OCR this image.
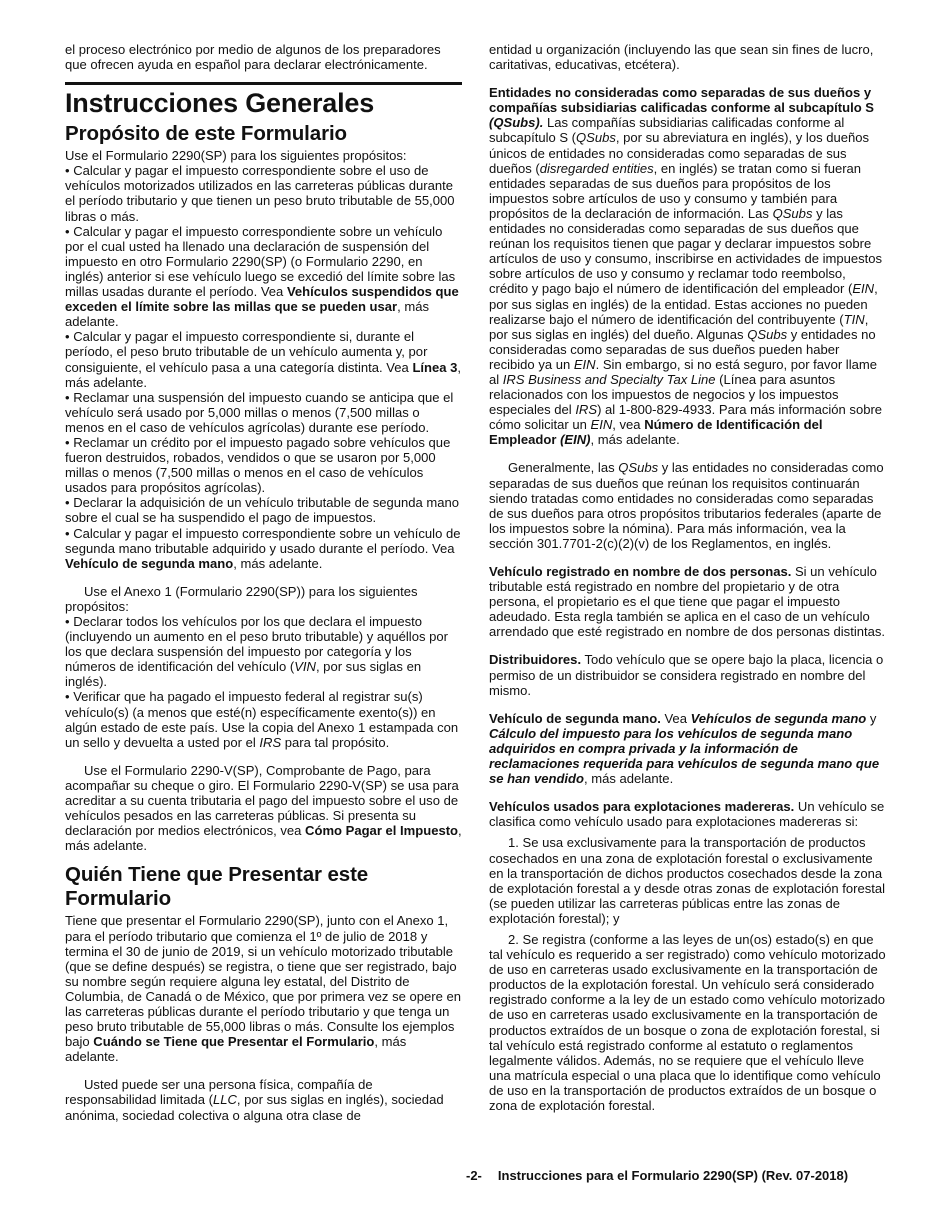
el proceso electrónico por medio de algunos de los preparadores que ofrecen ayuda en español para declarar electrónicamente.

Instrucciones Generales
Propósito de este Formulario

Use el Formulario 2290(SP) para los siguientes propósitos:

• Calcular y pagar el impuesto correspondiente sobre el uso de vehículos motorizados utilizados en las carreteras públicas durante el período tributario y que tienen un peso bruto tributable de 55,000 libras o más.

• Calcular y pagar el impuesto correspondiente sobre un vehículo por el cual usted ha llenado una declaración de suspensión del impuesto en otro Formulario 2290(SP) (o Formulario 2290, en inglés) anterior si ese vehículo luego se excedió del límite sobre las millas usadas durante el período. Vea Vehículos suspendidos que exceden el límite sobre las millas que se pueden usar, más adelante.

• Calcular y pagar el impuesto correspondiente si, durante el período, el peso bruto tributable de un vehículo aumenta y, por consiguiente, el vehículo pasa a una categoría distinta. Vea Línea 3, más adelante.

• Reclamar una suspensión del impuesto cuando se anticipa que el vehículo será usado por 5,000 millas o menos (7,500 millas o menos en el caso de vehículos agrícolas) durante ese período.

• Reclamar un crédito por el impuesto pagado sobre vehículos que fueron destruidos, robados, vendidos o que se usaron por 5,000 millas o menos (7,500 millas o menos en el caso de vehículos usados para propósitos agrícolas).

• Declarar la adquisición de un vehículo tributable de segunda mano sobre el cual se ha suspendido el pago de impuestos.

• Calcular y pagar el impuesto correspondiente sobre un vehículo de segunda mano tributable adquirido y usado durante el período. Vea Vehículo de segunda mano, más adelante.

Use el Anexo 1 (Formulario 2290(SP)) para los siguientes propósitos:

• Declarar todos los vehículos por los que declara el impuesto (incluyendo un aumento en el peso bruto tributable) y aquéllos por los que declara suspensión del impuesto por categoría y los números de identificación del vehículo (VIN, por sus siglas en inglés).

• Verificar que ha pagado el impuesto federal al registrar su(s) vehículo(s) (a menos que esté(n) específicamente exento(s)) en algún estado de este país. Use la copia del Anexo 1 estampada con un sello y devuelta a usted por el IRS para tal propósito.

Use el Formulario 2290-V(SP), Comprobante de Pago, para acompañar su cheque o giro. El Formulario 2290-V(SP) se usa para acreditar a su cuenta tributaria el pago del impuesto sobre el uso de vehículos pesados en las carreteras públicas. Si presenta su declaración por medios electrónicos, vea Cómo Pagar el Impuesto, más adelante.

Quién Tiene que Presentar este Formulario

Tiene que presentar el Formulario 2290(SP), junto con el Anexo 1, para el período tributario que comienza el 1º de julio de 2018 y termina el 30 de junio de 2019, si un vehículo motorizado tributable (que se define después) se registra, o tiene que ser registrado, bajo su nombre según requiere alguna ley estatal, del Distrito de Columbia, de Canadá o de México, que por primera vez se opere en las carreteras públicas durante el período tributario y que tenga un peso bruto tributable de 55,000 libras o más. Consulte los ejemplos bajo Cuándo se Tiene que Presentar el Formulario, más adelante.

Usted puede ser una persona física, compañía de responsabilidad limitada (LLC, por sus siglas en inglés), sociedad anónima, sociedad colectiva o alguna otra clase de

entidad u organización (incluyendo las que sean sin fines de lucro, caritativas, educativas, etcétera).

Entidades no consideradas como separadas de sus dueños y compañías subsidiarias calificadas conforme al subcapítulo S (QSubs). Las compañías subsidiarias calificadas conforme al subcapítulo S (QSubs, por su abreviatura en inglés), y los dueños únicos de entidades no consideradas como separadas de sus dueños (disregarded entities, en inglés) se tratan como si fueran entidades separadas de sus dueños para propósitos de los impuestos sobre artículos de uso y consumo y también para propósitos de la declaración de información. Las QSubs y las entidades no consideradas como separadas de sus dueños que reúnan los requisitos tienen que pagar y declarar impuestos sobre artículos de uso y consumo, inscribirse en actividades de impuestos sobre artículos de uso y consumo y reclamar todo reembolso, crédito y pago bajo el número de identificación del empleador (EIN, por sus siglas en inglés) de la entidad. Estas acciones no pueden realizarse bajo el número de identificación del contribuyente (TIN, por sus siglas en inglés) del dueño. Algunas QSubs y entidades no consideradas como separadas de sus dueños pueden haber recibido ya un EIN. Sin embargo, si no está seguro, por favor llame al IRS Business and Specialty Tax Line (Línea para asuntos relacionados con los impuestos de negocios y los impuestos especiales del IRS) al 1-800-829-4933. Para más información sobre cómo solicitar un EIN, vea Número de Identificación del Empleador (EIN), más adelante.

Generalmente, las QSubs y las entidades no consideradas como separadas de sus dueños que reúnan los requisitos continuarán siendo tratadas como entidades no consideradas como separadas de sus dueños para otros propósitos tributarios federales (aparte de los impuestos sobre la nómina). Para más información, vea la sección 301.7701-2(c)(2)(v) de los Reglamentos, en inglés.

Vehículo registrado en nombre de dos personas. Si un vehículo tributable está registrado en nombre del propietario y de otra persona, el propietario es el que tiene que pagar el impuesto adeudado. Esta regla también se aplica en el caso de un vehículo arrendado que esté registrado en nombre de dos personas distintas.

Distribuidores. Todo vehículo que se opere bajo la placa, licencia o permiso de un distribuidor se considera registrado en nombre del mismo.

Vehículo de segunda mano. Vea Vehículos de segunda mano y Cálculo del impuesto para los vehículos de segunda mano adquiridos en compra privada y la información de reclamaciones requerida para vehículos de segunda mano que se han vendido, más adelante.

Vehículos usados para explotaciones madereras. Un vehículo se clasifica como vehículo usado para explotaciones madereras si:

1. Se usa exclusivamente para la transportación de productos cosechados en una zona de explotación forestal o exclusivamente en la transportación de dichos productos cosechados desde la zona de explotación forestal a y desde otras zonas de explotación forestal (se pueden utilizar las carreteras públicas entre las zonas de explotación forestal); y

2. Se registra (conforme a las leyes de un(os) estado(s) en que tal vehículo es requerido a ser registrado) como vehículo motorizado de uso en carreteras usado exclusivamente en la transportación de productos de la explotación forestal. Un vehículo será considerado registrado conforme a la ley de un estado como vehículo motorizado de uso en carreteras usado exclusivamente en la transportación de productos extraídos de un bosque o zona de explotación forestal, si tal vehículo está registrado conforme al estatuto o reglamentos legalmente válidos. Además, no se requiere que el vehículo lleve una matrícula especial o una placa que lo identifique como vehículo de uso en la transportación de productos extraídos de un bosque o zona de explotación forestal.

-2- Instrucciones para el Formulario 2290(SP) (Rev. 07-2018)
